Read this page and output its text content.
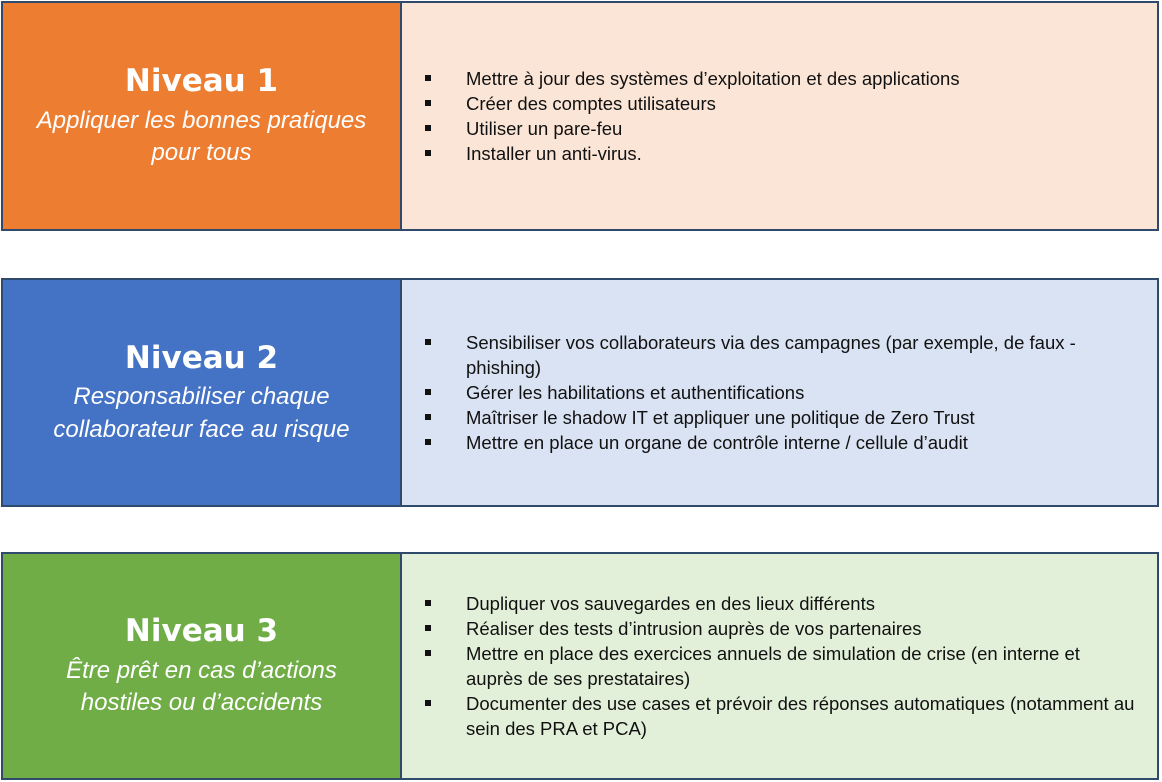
Niveau 1
Appliquer les bonnes pratiques pour tous
Mettre à jour des systèmes d’exploitation et des applications
Créer des comptes utilisateurs
Utiliser un pare-feu
Installer un anti-virus.
Niveau 2
Responsabiliser chaque collaborateur face au risque
Sensibiliser vos collaborateurs via des campagnes (par exemple, de faux - phishing)
Gérer les habilitations et authentifications
Maîtriser le shadow IT et appliquer une politique de Zero Trust
Mettre en place un organe de contrôle interne / cellule d’audit
Niveau 3
Être prêt en cas d’actions hostiles ou d’accidents
Dupliquer vos sauvegardes en des lieux différents
Réaliser des tests d’intrusion auprès de vos partenaires
Mettre en place des exercices annuels de simulation de crise (en interne et auprès de ses prestataires)
Documenter des use cases et prévoir des réponses automatiques (notamment au sein des PRA et PCA)
